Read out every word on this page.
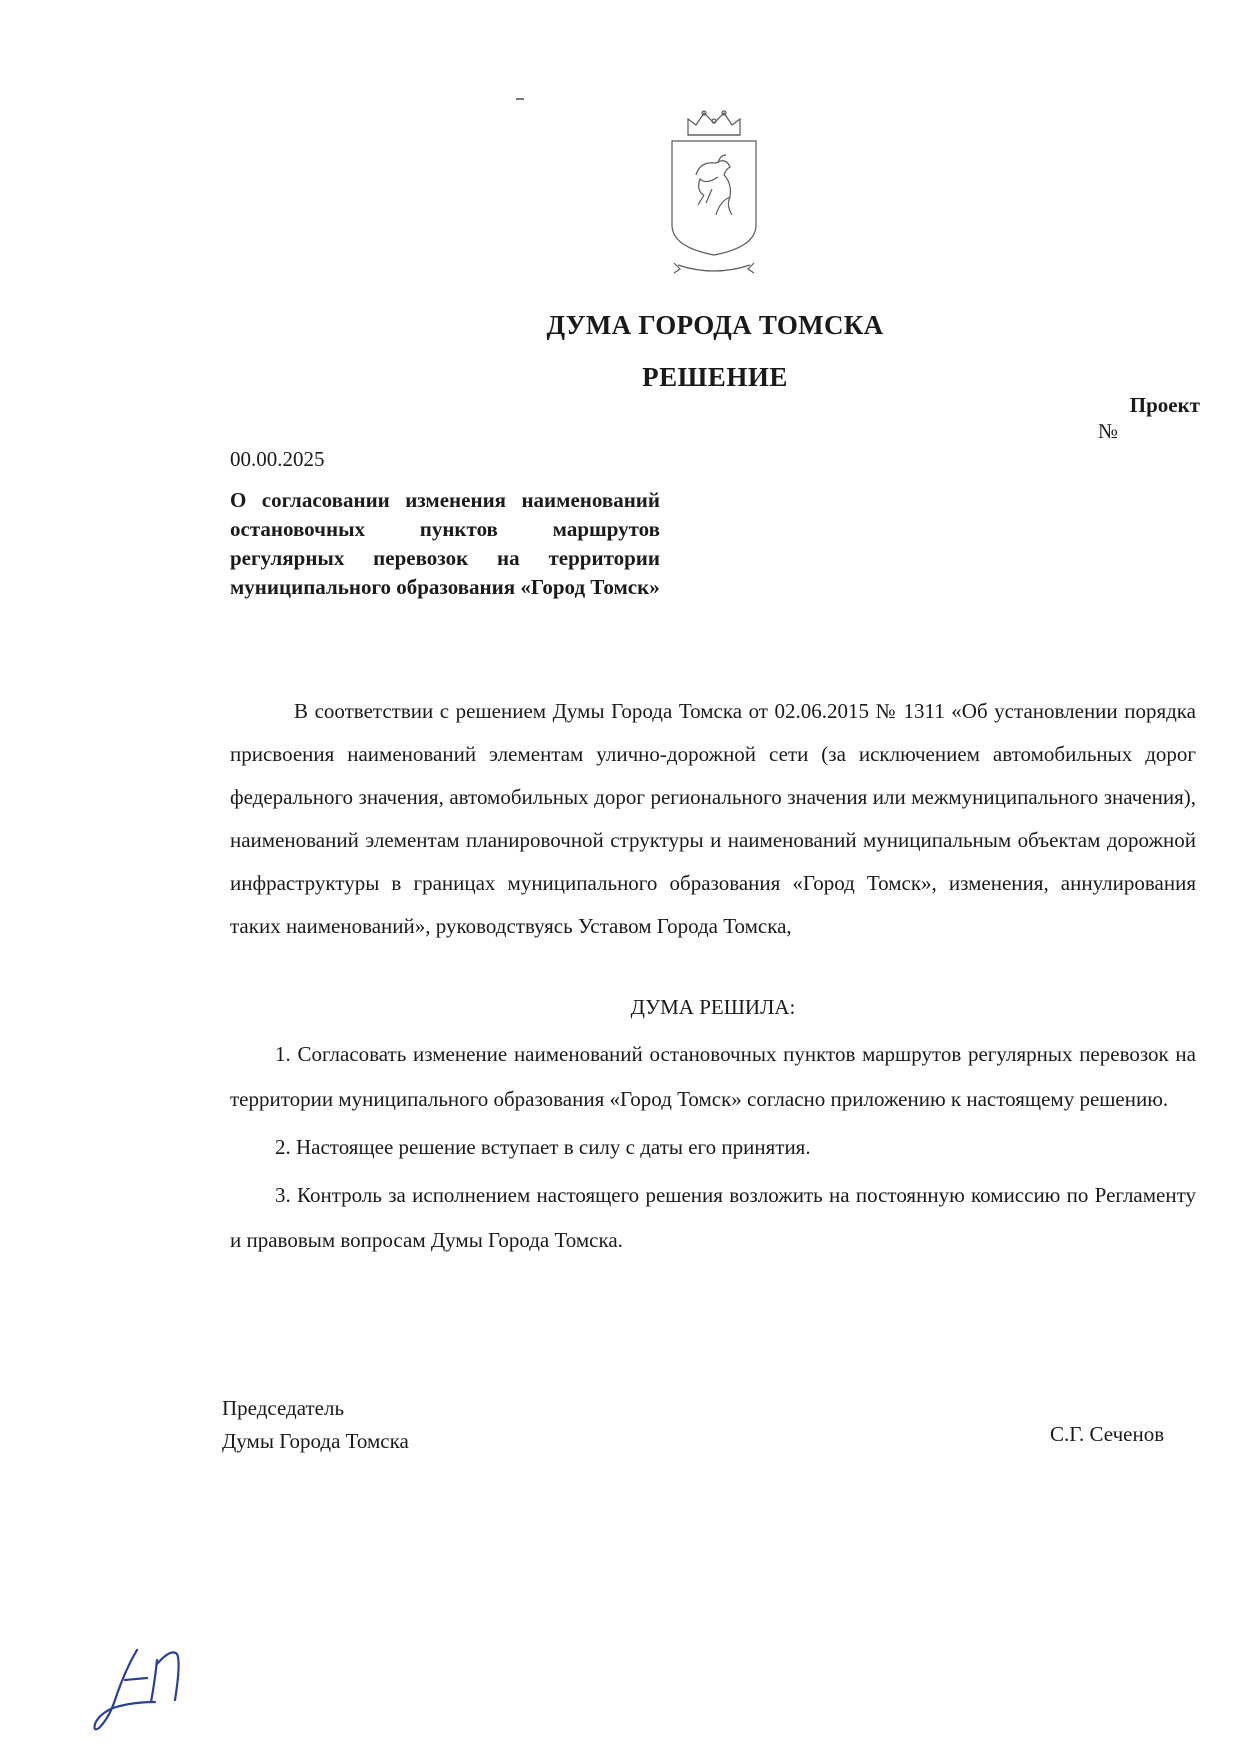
ДУМА ГОРОДА ТОМСКА
РЕШЕНИЕ
Проект
№
00.00.2025
О согласовании изменения наименований остановочных пунктов маршрутов регулярных перевозок на территории муниципального образования «Город Томск»
В соответствии с решением Думы Города Томска от 02.06.2015 № 1311 «Об установлении порядка присвоения наименований элементам улично-дорожной сети (за исключением автомобильных дорог федерального значения, автомобильных дорог регионального значения или межмуниципального значения), наименований элементам планировочной структуры и наименований муниципальным объектам дорожной инфраструктуры в границах муниципального образования «Город Томск», изменения, аннулирования таких наименований», руководствуясь Уставом Города Томска,
ДУМА РЕШИЛА:

1. Согласовать изменение наименований остановочных пунктов маршрутов регулярных перевозок на территории муниципального образования «Город Томск» согласно приложению к настоящему решению.

2. Настоящее решение вступает в силу с даты его принятия.

3. Контроль за исполнением настоящего решения возложить на постоянную комиссию по Регламенту и правовым вопросам Думы Города Томска.

Председатель
Думы Города Томска	С.Г. Сеченов
